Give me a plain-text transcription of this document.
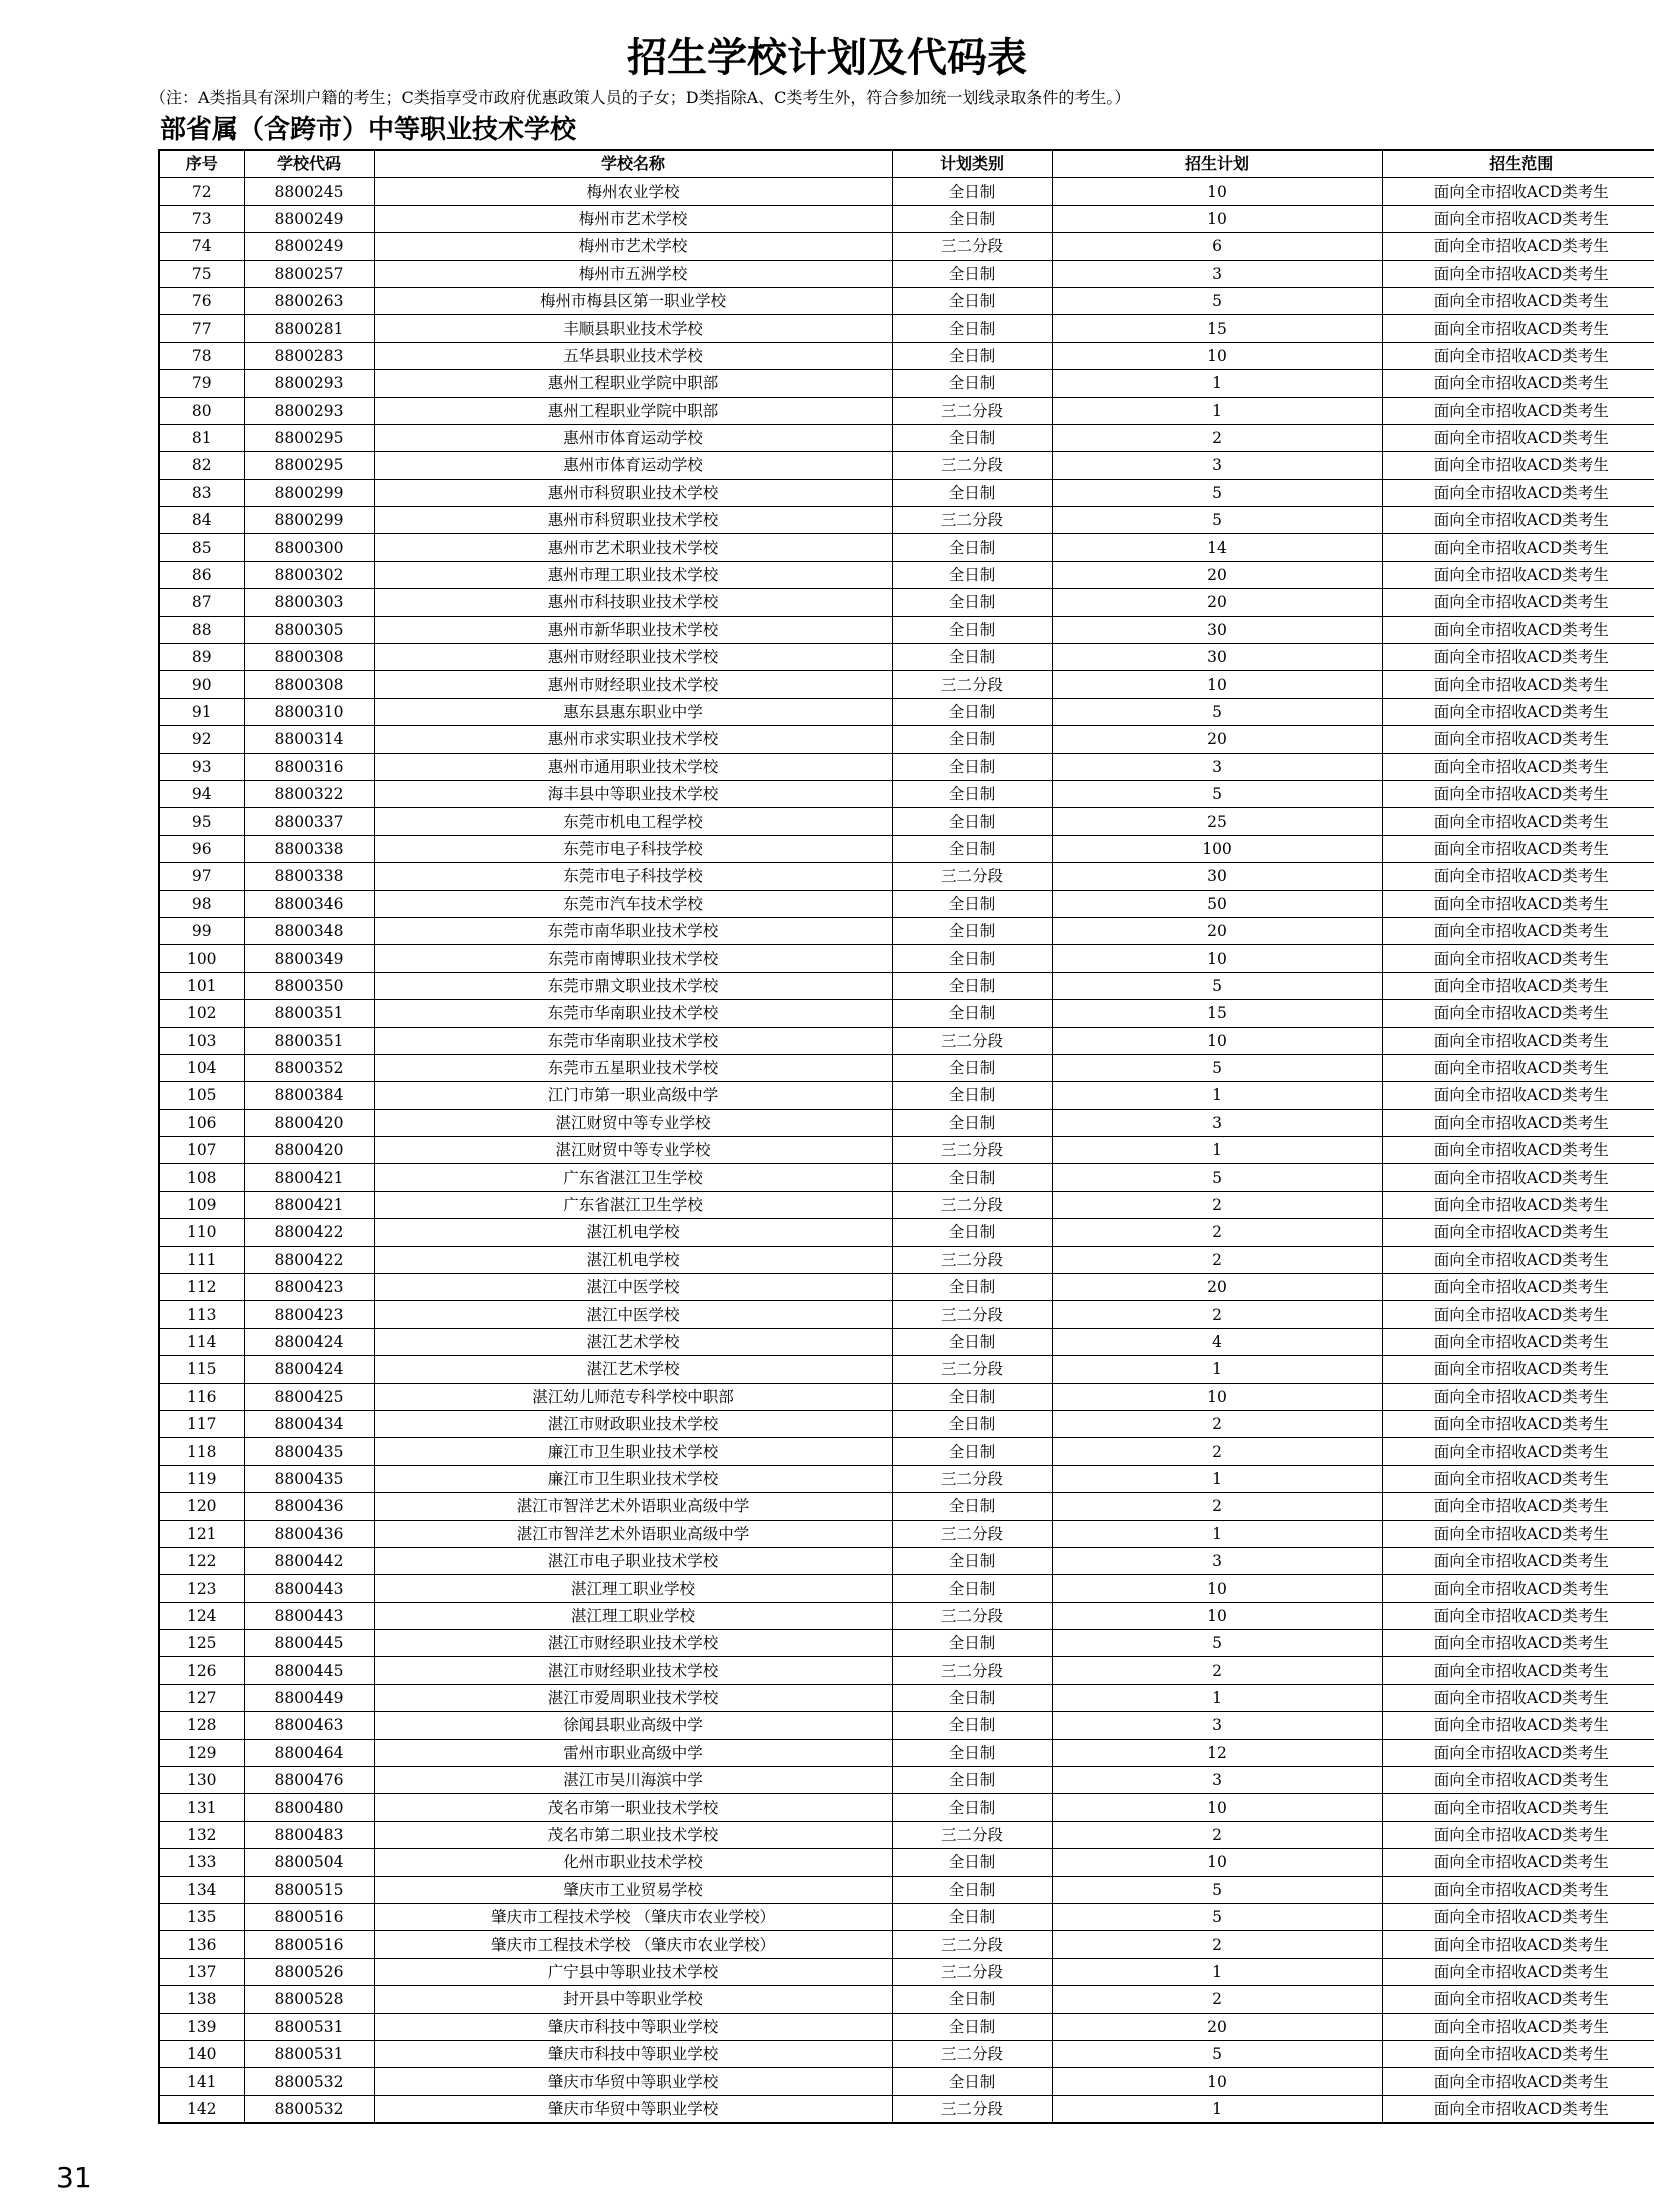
招生学校计划及代码表
（注：A类指具有深圳户籍的考生；C类指享受市政府优惠政策人员的子女；D类指除A、C类考生外，符合参加统一划线录取条件的考生。）
部省属（含跨市）中等职业技术学校
序号	学校代码	学校名称	计划类别	招生计划	招生范围
72	8800245	梅州农业学校	全日制	10	面向全市招收ACD类考生
73	8800249	梅州市艺术学校	全日制	10	面向全市招收ACD类考生
74	8800249	梅州市艺术学校	三二分段	6	面向全市招收ACD类考生
75	8800257	梅州市五洲学校	全日制	3	面向全市招收ACD类考生
76	8800263	梅州市梅县区第一职业学校	全日制	5	面向全市招收ACD类考生
77	8800281	丰顺县职业技术学校	全日制	15	面向全市招收ACD类考生
78	8800283	五华县职业技术学校	全日制	10	面向全市招收ACD类考生
79	8800293	惠州工程职业学院中职部	全日制	1	面向全市招收ACD类考生
80	8800293	惠州工程职业学院中职部	三二分段	1	面向全市招收ACD类考生
81	8800295	惠州市体育运动学校	全日制	2	面向全市招收ACD类考生
82	8800295	惠州市体育运动学校	三二分段	3	面向全市招收ACD类考生
83	8800299	惠州市科贸职业技术学校	全日制	5	面向全市招收ACD类考生
84	8800299	惠州市科贸职业技术学校	三二分段	5	面向全市招收ACD类考生
85	8800300	惠州市艺术职业技术学校	全日制	14	面向全市招收ACD类考生
86	8800302	惠州市理工职业技术学校	全日制	20	面向全市招收ACD类考生
87	8800303	惠州市科技职业技术学校	全日制	20	面向全市招收ACD类考生
88	8800305	惠州市新华职业技术学校	全日制	30	面向全市招收ACD类考生
89	8800308	惠州市财经职业技术学校	全日制	30	面向全市招收ACD类考生
90	8800308	惠州市财经职业技术学校	三二分段	10	面向全市招收ACD类考生
91	8800310	惠东县惠东职业中学	全日制	5	面向全市招收ACD类考生
92	8800314	惠州市求实职业技术学校	全日制	20	面向全市招收ACD类考生
93	8800316	惠州市通用职业技术学校	全日制	3	面向全市招收ACD类考生
94	8800322	海丰县中等职业技术学校	全日制	5	面向全市招收ACD类考生
95	8800337	东莞市机电工程学校	全日制	25	面向全市招收ACD类考生
96	8800338	东莞市电子科技学校	全日制	100	面向全市招收ACD类考生
97	8800338	东莞市电子科技学校	三二分段	30	面向全市招收ACD类考生
98	8800346	东莞市汽车技术学校	全日制	50	面向全市招收ACD类考生
99	8800348	东莞市南华职业技术学校	全日制	20	面向全市招收ACD类考生
100	8800349	东莞市南博职业技术学校	全日制	10	面向全市招收ACD类考生
101	8800350	东莞市鼎文职业技术学校	全日制	5	面向全市招收ACD类考生
102	8800351	东莞市华南职业技术学校	全日制	15	面向全市招收ACD类考生
103	8800351	东莞市华南职业技术学校	三二分段	10	面向全市招收ACD类考生
104	8800352	东莞市五星职业技术学校	全日制	5	面向全市招收ACD类考生
105	8800384	江门市第一职业高级中学	全日制	1	面向全市招收ACD类考生
106	8800420	湛江财贸中等专业学校	全日制	3	面向全市招收ACD类考生
107	8800420	湛江财贸中等专业学校	三二分段	1	面向全市招收ACD类考生
108	8800421	广东省湛江卫生学校	全日制	5	面向全市招收ACD类考生
109	8800421	广东省湛江卫生学校	三二分段	2	面向全市招收ACD类考生
110	8800422	湛江机电学校	全日制	2	面向全市招收ACD类考生
111	8800422	湛江机电学校	三二分段	2	面向全市招收ACD类考生
112	8800423	湛江中医学校	全日制	20	面向全市招收ACD类考生
113	8800423	湛江中医学校	三二分段	2	面向全市招收ACD类考生
114	8800424	湛江艺术学校	全日制	4	面向全市招收ACD类考生
115	8800424	湛江艺术学校	三二分段	1	面向全市招收ACD类考生
116	8800425	湛江幼儿师范专科学校中职部	全日制	10	面向全市招收ACD类考生
117	8800434	湛江市财政职业技术学校	全日制	2	面向全市招收ACD类考生
118	8800435	廉江市卫生职业技术学校	全日制	2	面向全市招收ACD类考生
119	8800435	廉江市卫生职业技术学校	三二分段	1	面向全市招收ACD类考生
120	8800436	湛江市智洋艺术外语职业高级中学	全日制	2	面向全市招收ACD类考生
121	8800436	湛江市智洋艺术外语职业高级中学	三二分段	1	面向全市招收ACD类考生
122	8800442	湛江市电子职业技术学校	全日制	3	面向全市招收ACD类考生
123	8800443	湛江理工职业学校	全日制	10	面向全市招收ACD类考生
124	8800443	湛江理工职业学校	三二分段	10	面向全市招收ACD类考生
125	8800445	湛江市财经职业技术学校	全日制	5	面向全市招收ACD类考生
126	8800445	湛江市财经职业技术学校	三二分段	2	面向全市招收ACD类考生
127	8800449	湛江市爱周职业技术学校	全日制	1	面向全市招收ACD类考生
128	8800463	徐闻县职业高级中学	全日制	3	面向全市招收ACD类考生
129	8800464	雷州市职业高级中学	全日制	12	面向全市招收ACD类考生
130	8800476	湛江市吴川海滨中学	全日制	3	面向全市招收ACD类考生
131	8800480	茂名市第一职业技术学校	全日制	10	面向全市招收ACD类考生
132	8800483	茂名市第二职业技术学校	三二分段	2	面向全市招收ACD类考生
133	8800504	化州市职业技术学校	全日制	10	面向全市招收ACD类考生
134	8800515	肇庆市工业贸易学校	全日制	5	面向全市招收ACD类考生
135	8800516	肇庆市工程技术学校 （肇庆市农业学校）	全日制	5	面向全市招收ACD类考生
136	8800516	肇庆市工程技术学校 （肇庆市农业学校）	三二分段	2	面向全市招收ACD类考生
137	8800526	广宁县中等职业技术学校	三二分段	1	面向全市招收ACD类考生
138	8800528	封开县中等职业学校	全日制	2	面向全市招收ACD类考生
139	8800531	肇庆市科技中等职业学校	全日制	20	面向全市招收ACD类考生
140	8800531	肇庆市科技中等职业学校	三二分段	5	面向全市招收ACD类考生
141	8800532	肇庆市华贸中等职业学校	全日制	10	面向全市招收ACD类考生
142	8800532	肇庆市华贸中等职业学校	三二分段	1	面向全市招收ACD类考生
31
